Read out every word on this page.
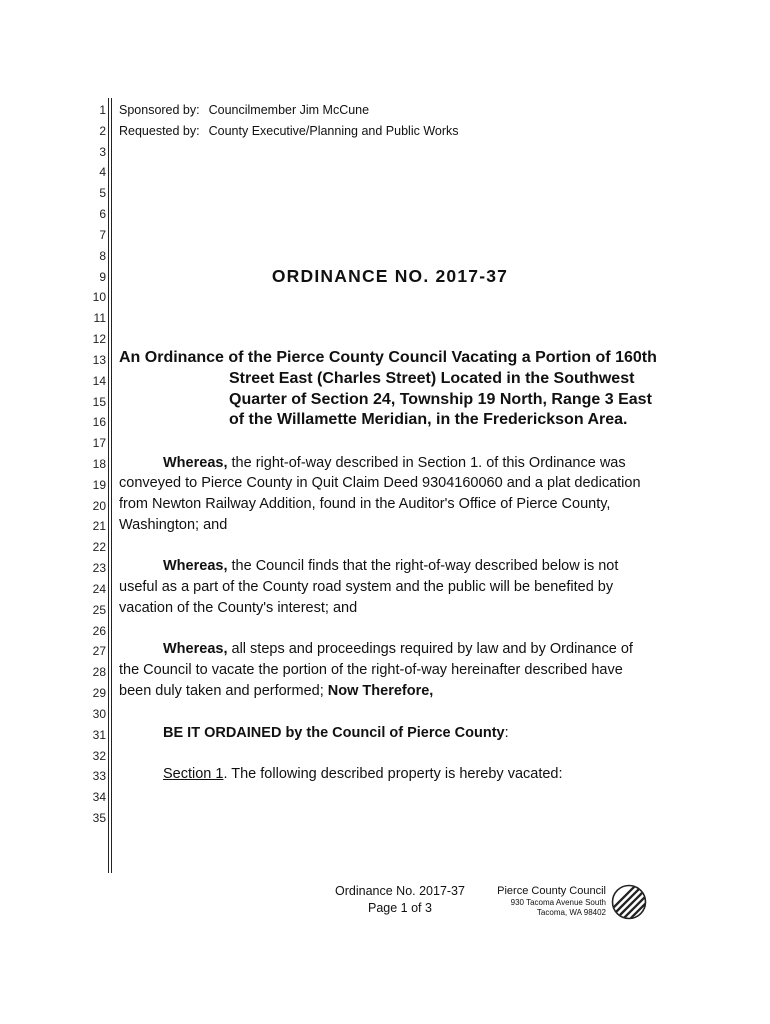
1
2
3
4
5
6
7
8
9
10
11
12
13
14
15
16
17
18
19
20
21
22
23
24
25
26
27
28
29
30
31
32
33
34
35
Sponsored by: Councilmember Jim McCune
Requested by: County Executive/Planning and Public Works
ORDINANCE NO. 2017-37
An Ordinance of the Pierce County Council Vacating a Portion of 160th
Street East (Charles Street) Located in the Southwest
Quarter of Section 24, Township 19 North, Range 3 East
of the Willamette Meridian, in the Frederickson Area.
Whereas, the right-of-way described in Section 1. of this Ordinance was
conveyed to Pierce County in Quit Claim Deed 9304160060 and a plat dedication
from Newton Railway Addition, found in the Auditor's Office of Pierce County,
Washington; and
Whereas, the Council finds that the right-of-way described below is not
useful as a part of the County road system and the public will be benefited by
vacation of the County's interest; and
Whereas, all steps and proceedings required by law and by Ordinance of
the Council to vacate the portion of the right-of-way hereinafter described have
been duly taken and performed; Now Therefore,
BE IT ORDAINED by the Council of Pierce County:
Section 1. The following described property is hereby vacated:
Ordinance No. 2017-37
Page 1 of 3
Pierce County Council
930 Tacoma Avenue South
Tacoma, WA 98402
